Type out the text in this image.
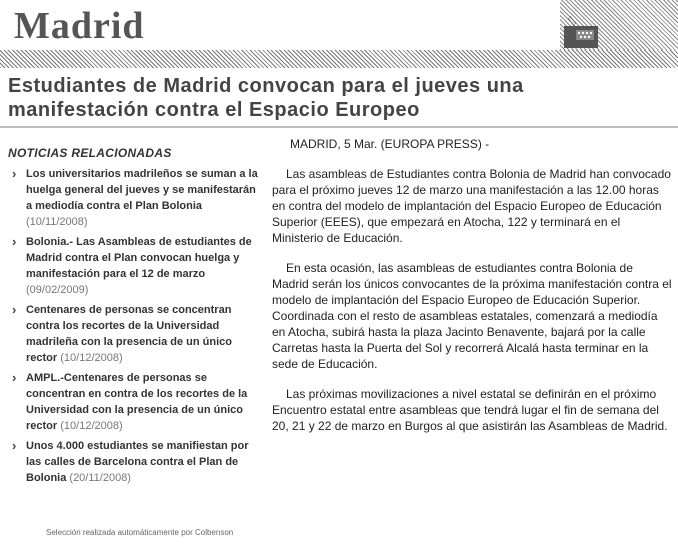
Madrid
Estudiantes de Madrid convocan para el jueves una manifestación contra el Espacio Europeo
NOTICIAS RELACIONADAS
› Los universitarios madrileños se suman a la huelga general del jueves y se manifestarán a mediodía contra el Plan Bolonia (10/11/2008)
› Bolonia.- Las Asambleas de estudiantes de Madrid contra el Plan convocan huelga y manifestación para el 12 de marzo (09/02/2009)
› Centenares de personas se concentran contra los recortes de la Universidad madrileña con la presencia de un único rector (10/12/2008)
› AMPL.-Centenares de personas se concentran en contra de los recortes de la Universidad con la presencia de un único rector (10/12/2008)
› Unos 4.000 estudiantes se manifiestan por las calles de Barcelona contra el Plan de Bolonia (20/11/2008)
Selección realizada automáticamente por Colbenson

MADRID, 5 Mar. (EUROPA PRESS) -

Las asambleas de Estudiantes contra Bolonia de Madrid han convocado para el próximo jueves 12 de marzo una manifestación a las 12.00 horas en contra del modelo de implantación del Espacio Europeo de Educación Superior (EEES), que empezará en Atocha, 122 y terminará en el Ministerio de Educación.

En esta ocasión, las asambleas de estudiantes contra Bolonia de Madrid serán los únicos convocantes de la próxima manifestación contra el modelo de implantación del Espacio Europeo de Educación Superior. Coordinada con el resto de asambleas estatales, comenzará a mediodía en Atocha, subirá hasta la plaza Jacinto Benavente, bajará por la calle Carretas hasta la Puerta del Sol y recorrerá Alcalá hasta terminar en la sede de Educación.

Las próximas movilizaciones a nivel estatal se definirán en el próximo Encuentro estatal entre asambleas que tendrá lugar el fin de semana del 20, 21 y 22 de marzo en Burgos al que asistirán las Asambleas de Madrid.
